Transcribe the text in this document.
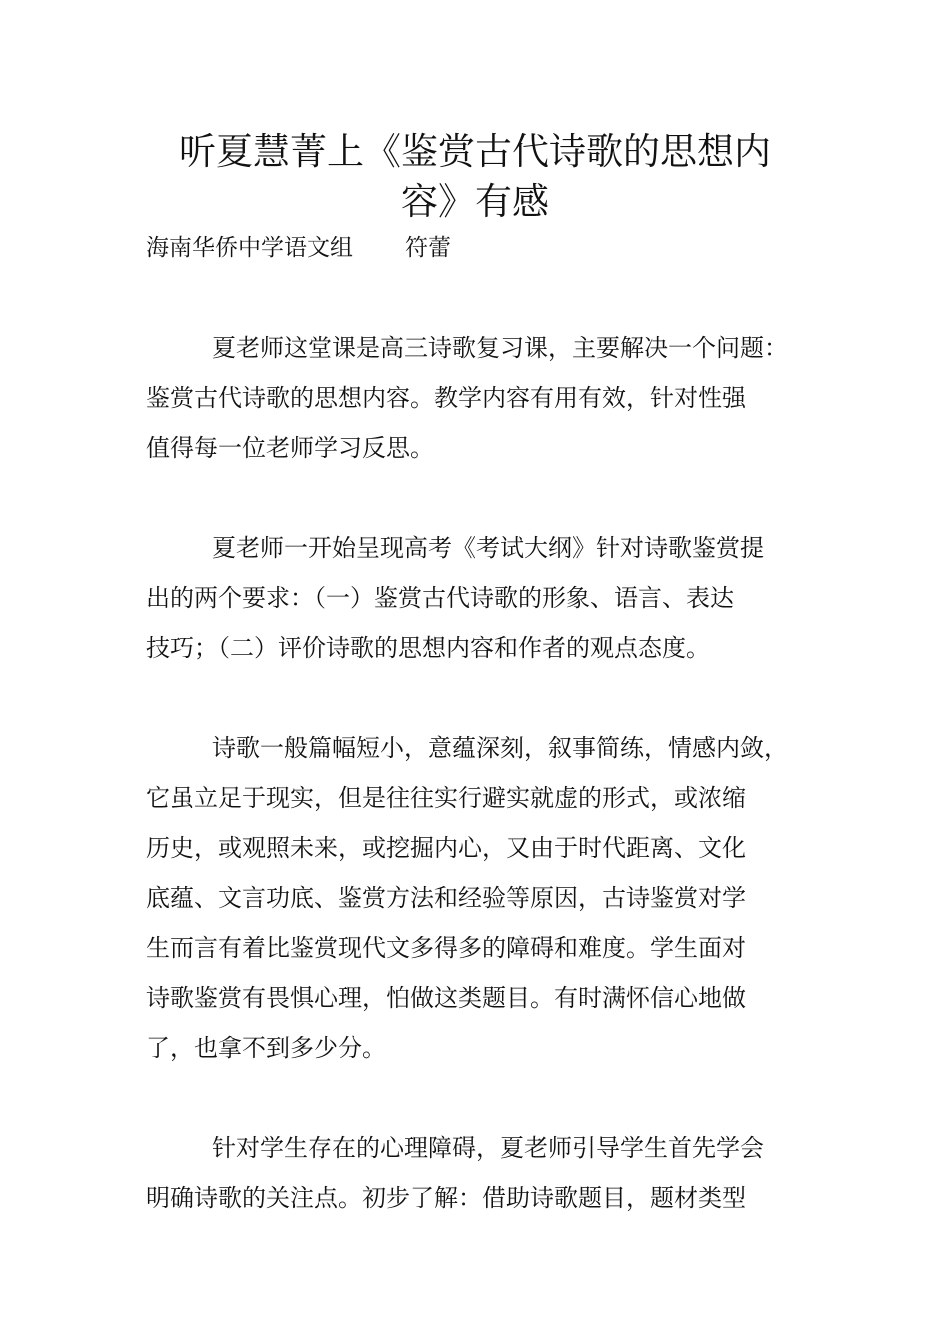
听夏慧菁上《鉴赏古代诗歌的思想内
容》有感
海南华侨中学语文组 符蕾
夏老师这堂课是高三诗歌复习课，主要解决一个问题：
鉴赏古代诗歌的思想内容。教学内容有用有效，针对性强
值得每一位老师学习反思。
夏老师一开始呈现高考《考试大纲》针对诗歌鉴赏提
出的两个要求：（一）鉴赏古代诗歌的形象、语言、表达
技巧；（二）评价诗歌的思想内容和作者的观点态度。
诗歌一般篇幅短小，意蕴深刻，叙事简练，情感内敛，
它虽立足于现实，但是往往实行避实就虚的形式，或浓缩
历史，或观照未来，或挖掘内心，又由于时代距离、文化
底蕴、文言功底、鉴赏方法和经验等原因，古诗鉴赏对学
生而言有着比鉴赏现代文多得多的障碍和难度。学生面对
诗歌鉴赏有畏惧心理，怕做这类题目。有时满怀信心地做
了，也拿不到多少分。
针对学生存在的心理障碍，夏老师引导学生首先学会
明确诗歌的关注点。初步了解：借助诗歌题目，题材类型
